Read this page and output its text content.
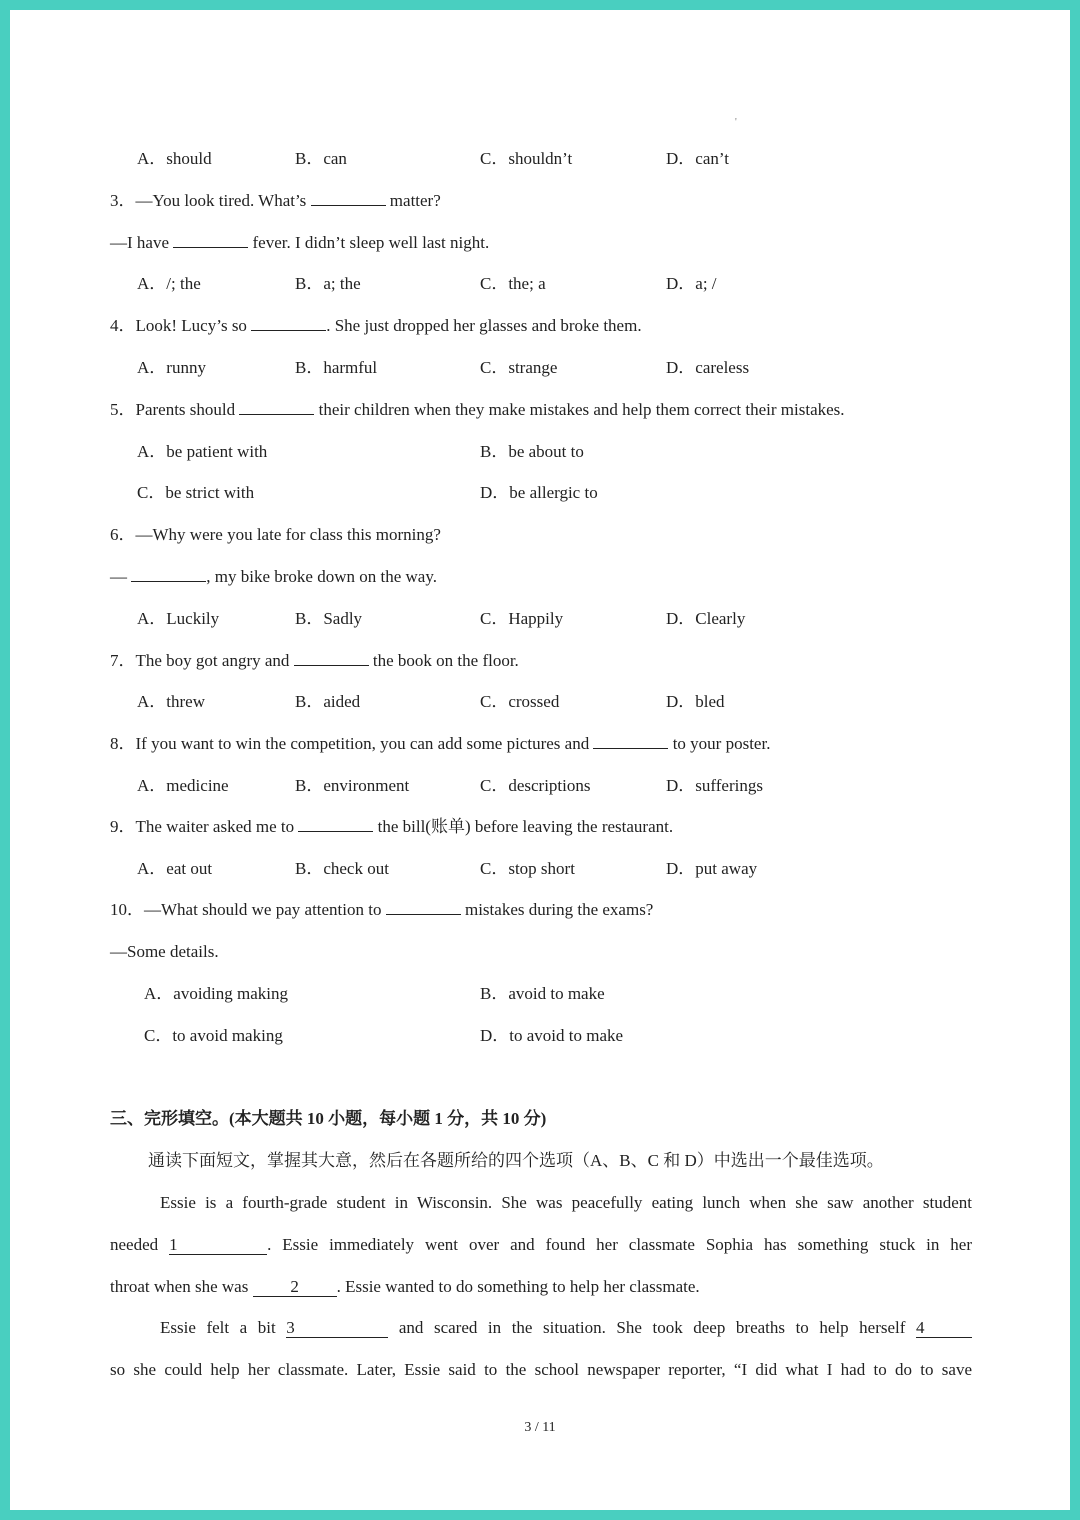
'
A．should	B．can	C．shouldn’t	D．can’t
3．—You look tired. What’s	matter?
—I have	fever. I didn’t sleep well last night.
A．/; the	B．a; the	C．the; a	D．a; /
4．Look! Lucy’s so	. She just dropped her glasses and broke them.
A．runny	B．harmful	C．strange	D．careless
5．Parents should	their children when they make mistakes and help them correct their mistakes.
A．be patient with	B．be about to
C．be strict with	D．be allergic to
6．—Why were you late for class this morning?
—	, my bike broke down on the way.
A．Luckily	B．Sadly	C．Happily	D．Clearly
7．The boy got angry and	the book on the floor.
A．threw	B．aided	C．crossed	D．bled
8．If you want to win the competition, you can add some pictures and	to your poster.
A．medicine	B．environment	C．descriptions	D．sufferings
9．The waiter asked me to	the bill(账单) before leaving the restaurant.
A．eat out	B．check out	C．stop short	D．put away
10．—What should we pay attention to	mistakes during the exams?
—Some details.
A．avoiding making	B．avoid to make
C．to avoid making	D．to avoid to make
三、完形填空。(本大题共 10 小题，每小题 1 分，共 10 分)
通读下面短文，掌握其大意，然后在各题所给的四个选项（A、B、C 和 D）中选出一个最佳选项。
Essie is a fourth-grade student in Wisconsin. She was peacefully eating lunch when she saw another student
needed 1	. Essie immediately went over and found her classmate Sophia has something stuck in her
throat when she was 2 . Essie wanted to do something to help her classmate.
Essie felt a bit 3	and scared in the situation. She took deep breaths to help herself 4
so she could help her classmate. Later, Essie said to the school newspaper reporter, “I did what I had to do to save
3 / 11
